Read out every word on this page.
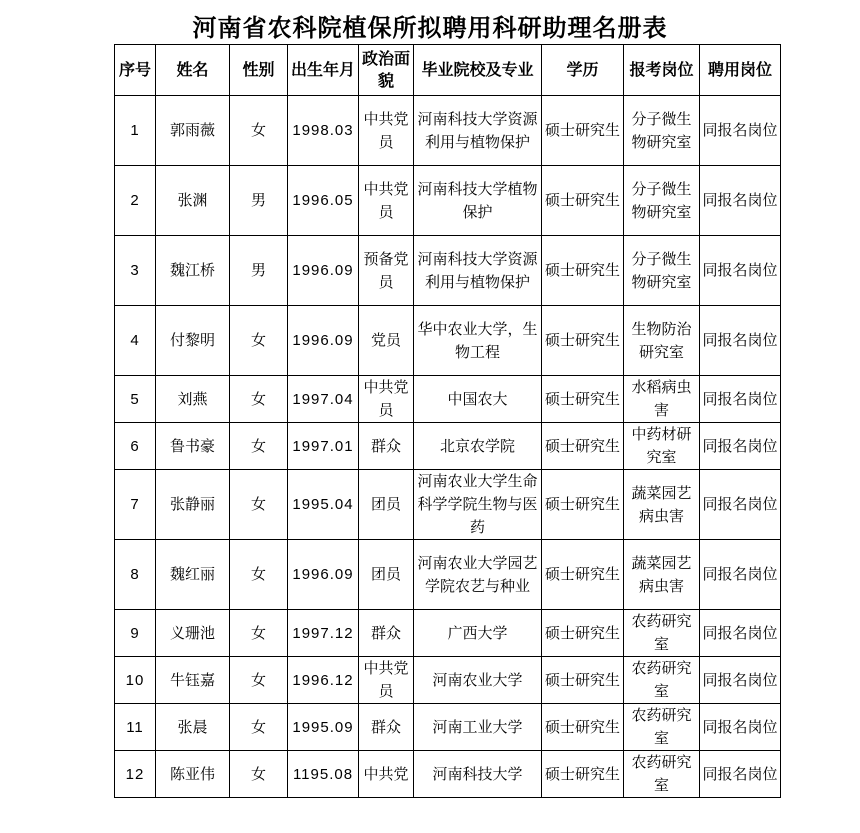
河南省农科院植保所拟聘用科研助理名册表
序号	姓名	性别	出生年月	政治面貌	毕业院校及专业	学历	报考岗位	聘用岗位
1	郭雨薇	女	1998.03	中共党员	河南科技大学资源利用与植物保护	硕士研究生	分子微生物研究室	同报名岗位
2	张渊	男	1996.05	中共党员	河南科技大学植物保护	硕士研究生	分子微生物研究室	同报名岗位
3	魏江桥	男	1996.09	预备党员	河南科技大学资源利用与植物保护	硕士研究生	分子微生物研究室	同报名岗位
4	付黎明	女	1996.09	党员	华中农业大学，生物工程	硕士研究生	生物防治研究室	同报名岗位
5	刘燕	女	1997.04	中共党员	中国农大	硕士研究生	水稻病虫害	同报名岗位
6	鲁书豪	女	1997.01	群众	北京农学院	硕士研究生	中药材研究室	同报名岗位
7	张静丽	女	1995.04	团员	河南农业大学生命科学学院生物与医药	硕士研究生	蔬菜园艺病虫害	同报名岗位
8	魏红丽	女	1996.09	团员	河南农业大学园艺学院农艺与种业	硕士研究生	蔬菜园艺病虫害	同报名岗位
9	义珊池	女	1997.12	群众	广西大学	硕士研究生	农药研究室	同报名岗位
10	牛钰嘉	女	1996.12	中共党员	河南农业大学	硕士研究生	农药研究室	同报名岗位
11	张晨	女	1995.09	群众	河南工业大学	硕士研究生	农药研究室	同报名岗位
12	陈亚伟	女	1195.08	中共党	河南科技大学	硕士研究生	农药研究室	同报名岗位
